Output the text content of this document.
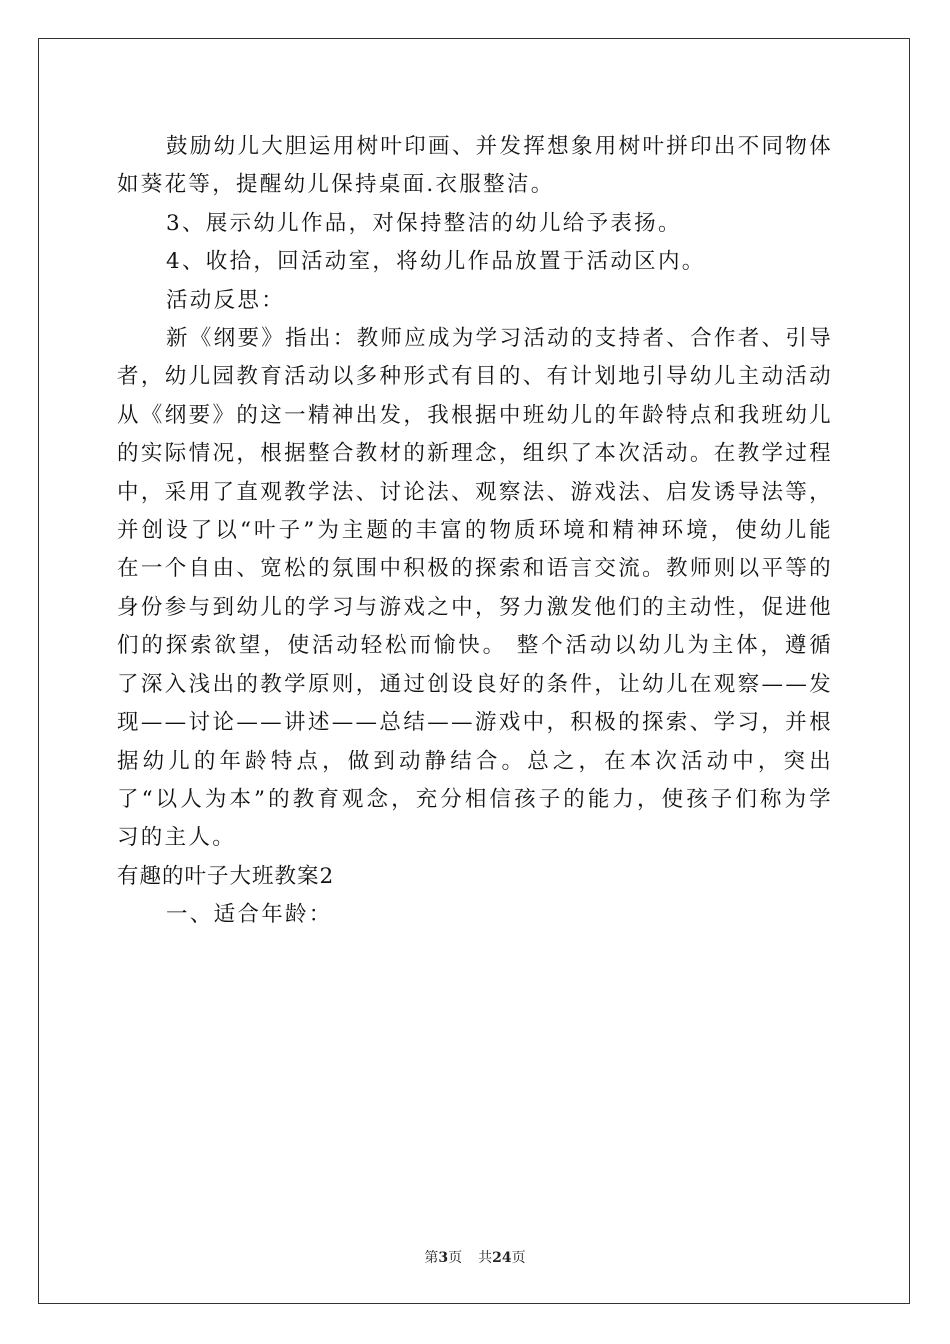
鼓励幼儿大胆运用树叶印画、并发挥想象用树叶拼印出不同物体如葵花等，提醒幼儿保持桌面.衣服整洁。

3、展示幼儿作品，对保持整洁的幼儿给予表扬。

4、收拾，回活动室，将幼儿作品放置于活动区内。

活动反思：

新《纲要》指出：教师应成为学习活动的支持者、合作者、引导者，幼儿园教育活动以多种形式有目的、有计划地引导幼儿主动活动从《纲要》的这一精神出发，我根据中班幼儿的年龄特点和我班幼儿的实际情况，根据整合教材的新理念，组织了本次活动。在教学过程中，采用了直观教学法、讨论法、观察法、游戏法、启发诱导法等，并创设了以“叶子”为主题的丰富的物质环境和精神环境，使幼儿能在一个自由、宽松的氛围中积极的探索和语言交流。教师则以平等的身份参与到幼儿的学习与游戏之中，努力激发他们的主动性，促进他们的探索欲望，使活动轻松而愉快。 整个活动以幼儿为主体，遵循了深入浅出的教学原则，通过创设良好的条件，让幼儿在观察——发现——讨论——讲述——总结——游戏中，积极的探索、学习，并根据幼儿的年龄特点，做到动静结合。总之，在本次活动中，突出了“以人为本”的教育观念，充分相信孩子的能力，使孩子们称为学习的主人。

有趣的叶子大班教案2

一、适合年龄：

第3页 共24页
